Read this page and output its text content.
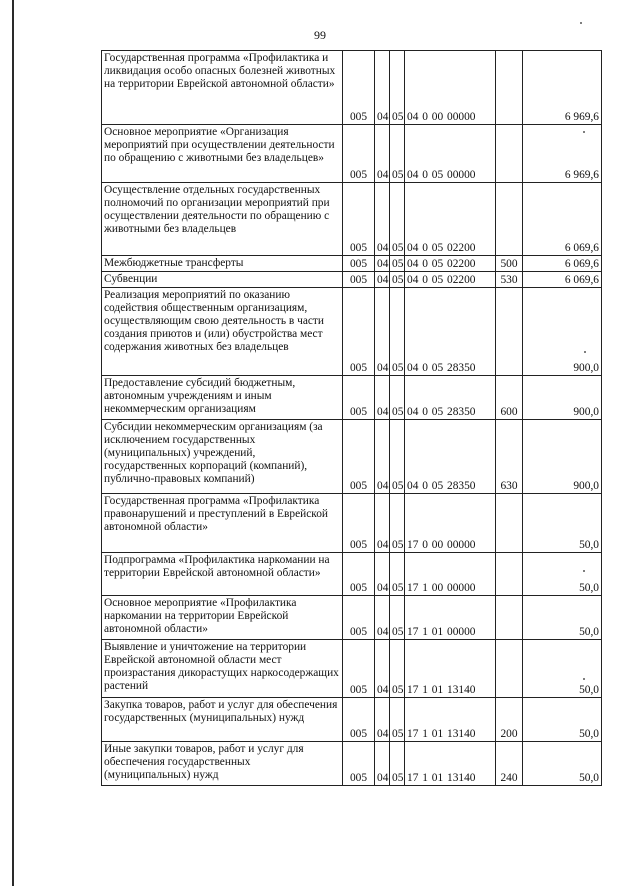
99
Государственная программа «Профилактика и ликвидация особо опасных болезней животных на территории Еврейской автономной области»	005	04	05	04 0 00 00000		6 969,6
Основное мероприятие «Организация мероприятий при осуществлении деятельности по обращению с животными без владельцев»	005	04	05	04 0 05 00000		6 969,6
Осуществление отдельных государственных полномочий по организации мероприятий при осуществлении деятельности по обращению с животными без владельцев	005	04	05	04 0 05 02200		6 069,6
Межбюджетные трансферты	005	04	05	04 0 05 02200	500	6 069,6
Субвенции	005	04	05	04 0 05 02200	530	6 069,6
Реализация мероприятий по оказанию содействия общественным организациям, осуществляющим свою деятельность в части создания приютов и (или) обустройства мест содержания животных без владельцев	005	04	05	04 0 05 28350		900,0
Предоставление субсидий бюджетным, автономным учреждениям и иным некоммерческим организациям	005	04	05	04 0 05 28350	600	900,0
Субсидии некоммерческим организациям (за исключением государственных (муниципальных) учреждений, государственных корпораций (компаний), публично-правовых компаний)	005	04	05	04 0 05 28350	630	900,0
Государственная программа «Профилактика правонарушений и преступлений в Еврейской автономной области»	005	04	05	17 0 00 00000		50,0
Подпрограмма «Профилактика наркомании на территории Еврейской автономной области»	005	04	05	17 1 00 00000		50,0
Основное мероприятие «Профилактика наркомании на территории Еврейской автономной области»	005	04	05	17 1 01 00000		50,0
Выявление и уничтожение на территории Еврейской автономной области мест произрастания дикорастущих наркосодержащих растений	005	04	05	17 1 01 13140		50,0
Закупка товаров, работ и услуг для обеспечения государственных (муниципальных) нужд	005	04	05	17 1 01 13140	200	50,0
Иные закупки товаров, работ и услуг для обеспечения государственных (муниципальных) нужд	005	04	05	17 1 01 13140	240	50,0
